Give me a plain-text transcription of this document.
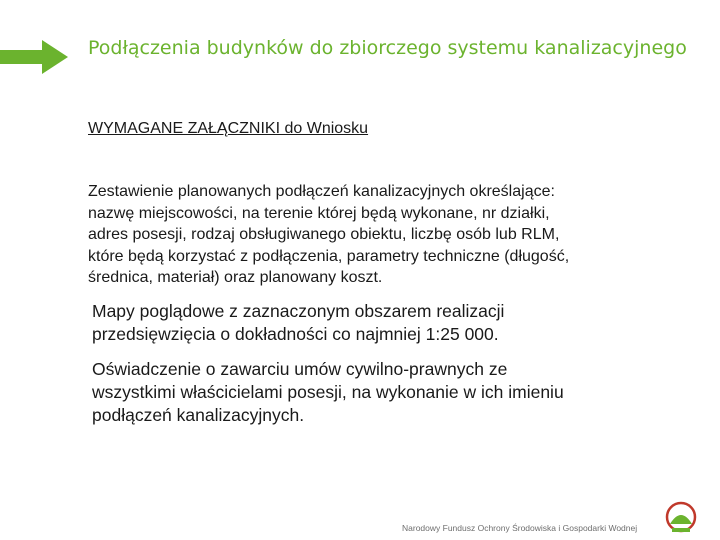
Podłączenia budynków do zbiorczego systemu kanalizacyjnego

WYMAGANE ZAŁĄCZNIKI do Wniosku

Zestawienie planowanych podłączeń kanalizacyjnych określające:
nazwę miejscowości, na terenie której będą wykonane, nr działki,
adres posesji, rodzaj obsługiwanego obiektu, liczbę osób lub RLM,
które będą korzystać z podłączenia, parametry techniczne (długość,
średnica, materiał) oraz planowany koszt.

Mapy poglądowe z zaznaczonym obszarem realizacji
przedsięwzięcia o dokładności co najmniej 1:25 000.

Oświadczenie o zawarciu umów cywilno-prawnych ze
wszystkimi właścicielami posesji, na wykonanie w ich imieniu
podłączeń kanalizacyjnych.

Narodowy Fundusz Ochrony Środowiska i Gospodarki Wodnej
